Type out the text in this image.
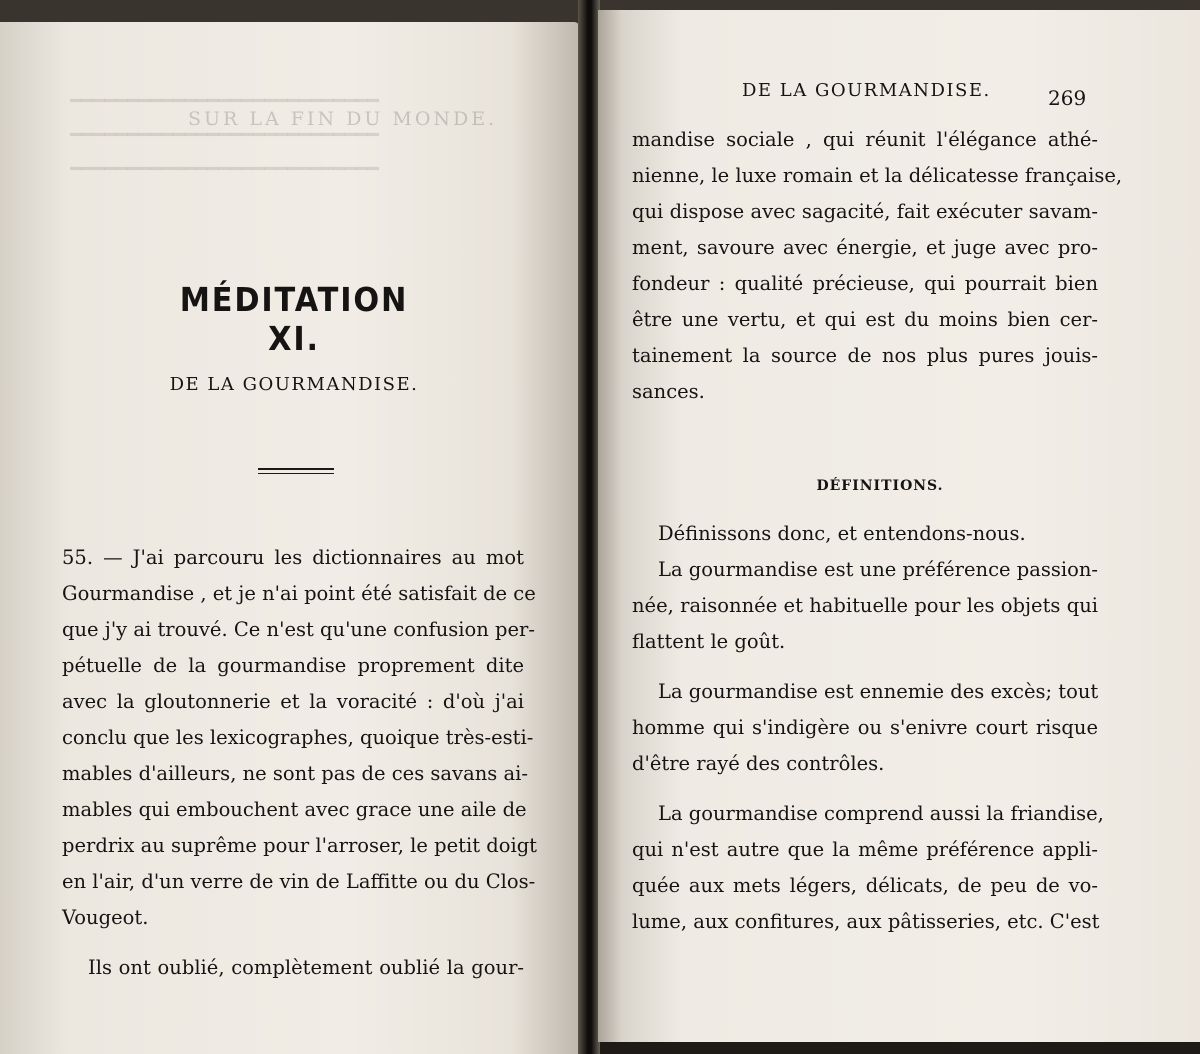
━━━━━━━━━━━━━━━━━━━━━━━━━━━
━━━━━━━━━━━━━━━━━━━━━━━━━━━
━━━━━━━━━━━━━━━━━━━━━━━━━━━
SUR LA FIN DU MONDE.
MÉDITATION XI.
DE LA GOURMANDISE.
55. — J'ai parcouru les dictionnaires au mot
Gourmandise , et je n'ai point été satisfait de ce
que j'y ai trouvé. Ce n'est qu'une confusion per-
pétuelle de la gourmandise proprement dite
avec la gloutonnerie et la voracité : d'où j'ai
conclu que les lexicographes, quoique très-esti-
mables d'ailleurs, ne sont pas de ces savans ai-
mables qui embouchent avec grace une aile de
perdrix au suprême pour l'arroser, le petit doigt
en l'air, d'un verre de vin de Laffitte ou du Clos-
Vougeot.
Ils ont oublié, complètement oublié la gour-
DE LA GOURMANDISE.	269
mandise sociale , qui réunit l'élégance athé-
nienne, le luxe romain et la délicatesse française,
qui dispose avec sagacité, fait exécuter savam-
ment, savoure avec énergie, et juge avec pro-
fondeur : qualité précieuse, qui pourrait bien
être une vertu, et qui est du moins bien cer-
tainement la source de nos plus pures jouis-
sances.
Définissons donc, et entendons-nous.
La gourmandise est une préférence passion-
née, raisonnée et habituelle pour les objets qui
flattent le goût.
La gourmandise est ennemie des excès; tout
homme qui s'indigère ou s'enivre court risque
d'être rayé des contrôles.
La gourmandise comprend aussi la friandise,
qui n'est autre que la même préférence appli-
quée aux mets légers, délicats, de peu de vo-
lume, aux confitures, aux pâtisseries, etc. C'est
DÉFINITIONS.
